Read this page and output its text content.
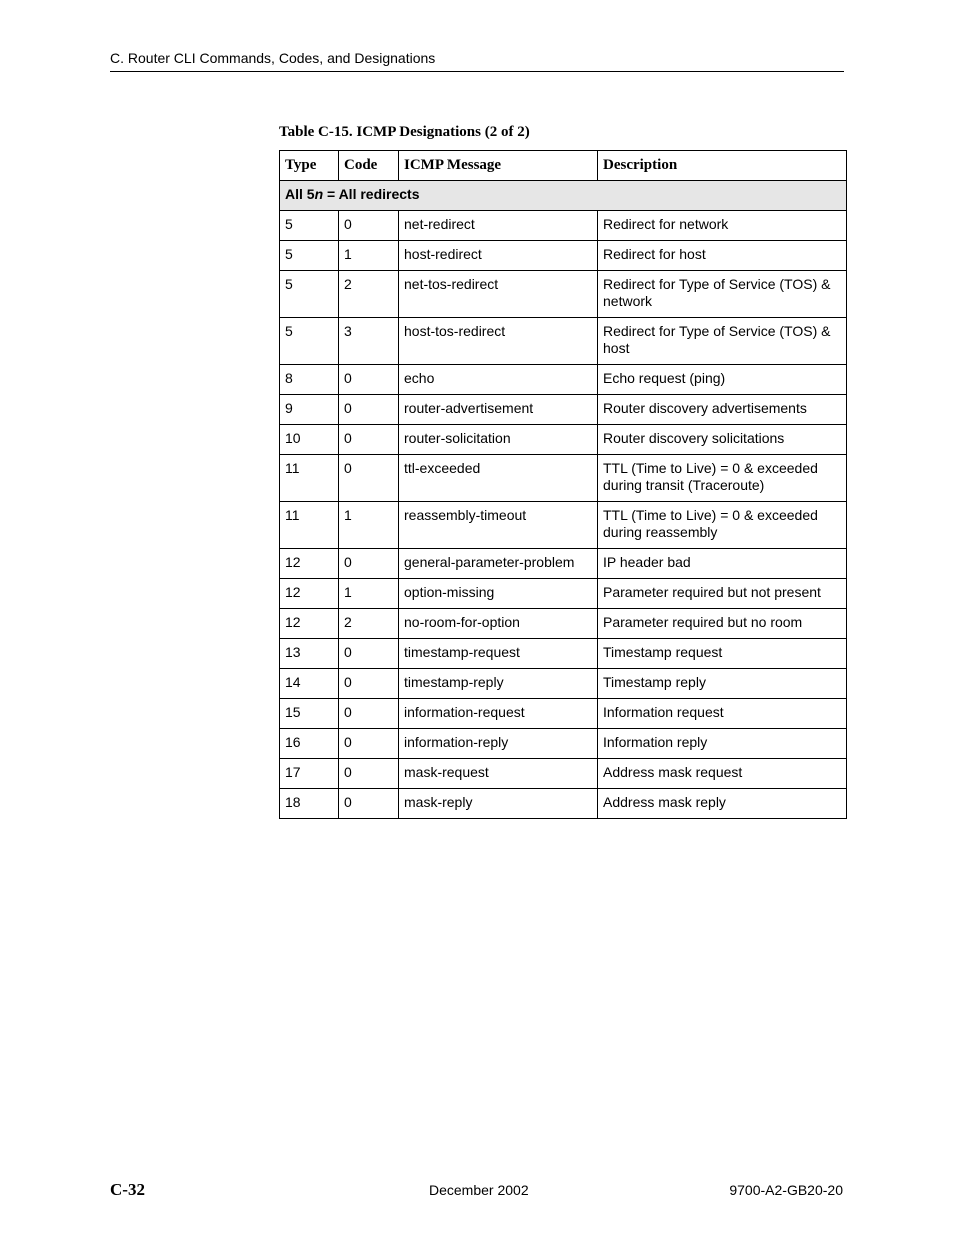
C. Router CLI Commands, Codes, and Designations
Table C-15. ICMP Designations (2 of 2)
Type	Code	ICMP Message	Description
All 5n = All redirects			
5	0	net-redirect	Redirect for network
5	1	host-redirect	Redirect for host
5	2	net-tos-redirect	Redirect for Type of Service (TOS) & network
5	3	host-tos-redirect	Redirect for Type of Service (TOS) & host
8	0	echo	Echo request (ping)
9	0	router-advertisement	Router discovery advertisements
10	0	router-solicitation	Router discovery solicitations
11	0	ttl-exceeded	TTL (Time to Live) = 0 & exceeded during transit (Traceroute)
11	1	reassembly-timeout	TTL (Time to Live) = 0 & exceeded during reassembly
12	0	general-parameter-problem	IP header bad
12	1	option-missing	Parameter required but not present
12	2	no-room-for-option	Parameter required but no room
13	0	timestamp-request	Timestamp request
14	0	timestamp-reply	Timestamp reply
15	0	information-request	Information request
16	0	information-reply	Information reply
17	0	mask-request	Address mask request
18	0	mask-reply	Address mask reply
C-32	December 2002	9700-A2-GB20-20
